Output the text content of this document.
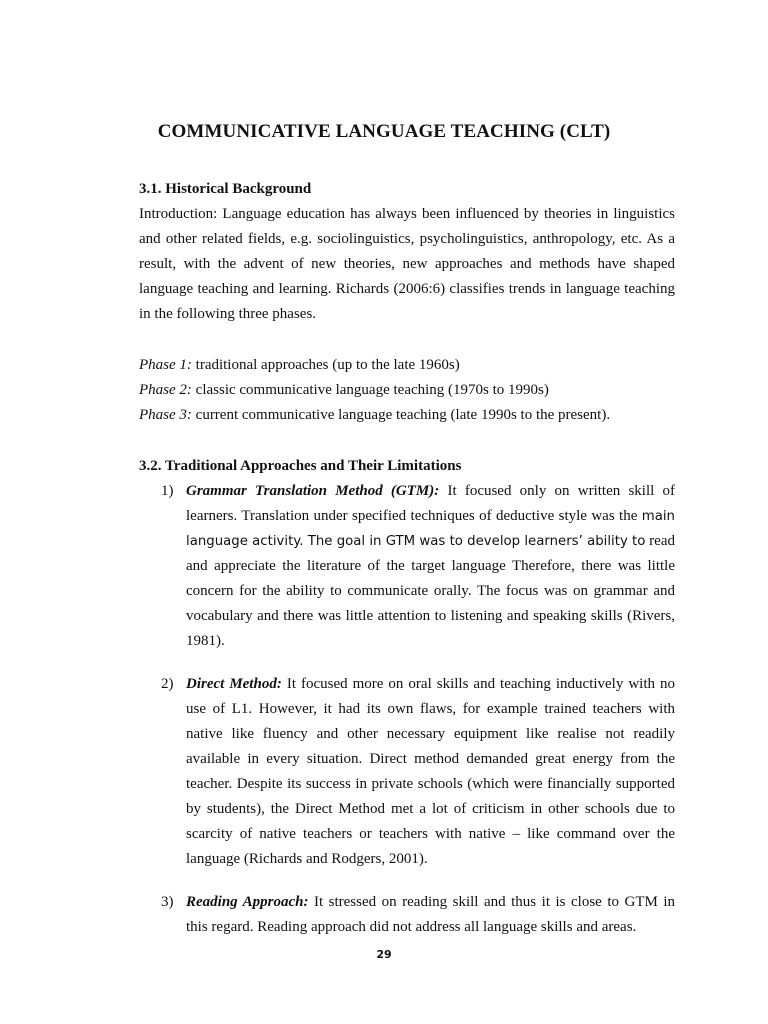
COMMUNICATIVE LANGUAGE TEACHING (CLT)
3.1. Historical Background
Introduction: Language education has always been influenced by theories in linguistics and other related fields, e.g. sociolinguistics, psycholinguistics, anthropology, etc. As a result, with the advent of new theories, new approaches and methods have shaped language teaching and learning. Richards (2006:6) classifies trends in language teaching in the following three phases.
Phase 1: traditional approaches (up to the late 1960s)
Phase 2: classic communicative language teaching (1970s to 1990s)
Phase 3: current communicative language teaching (late 1990s to the present).
3.2. Traditional Approaches and Their Limitations
1) Grammar Translation Method (GTM): It focused only on written skill of learners. Translation under specified techniques of deductive style was the main language activity. The goal in GTM was to develop learners’ ability to read and appreciate the literature of the target language Therefore, there was little concern for the ability to communicate orally. The focus was on grammar and vocabulary and there was little attention to listening and speaking skills (Rivers, 1981).
2) Direct Method: It focused more on oral skills and teaching inductively with no use of L1. However, it had its own flaws, for example trained teachers with native like fluency and other necessary equipment like realise not readily available in every situation. Direct method demanded great energy from the teacher. Despite its success in private schools (which were financially supported by students), the Direct Method met a lot of criticism in other schools due to scarcity of native teachers or teachers with native – like command over the language (Richards and Rodgers, 2001).
3) Reading Approach: It stressed on reading skill and thus it is close to GTM in this regard. Reading approach did not address all language skills and areas.
29
